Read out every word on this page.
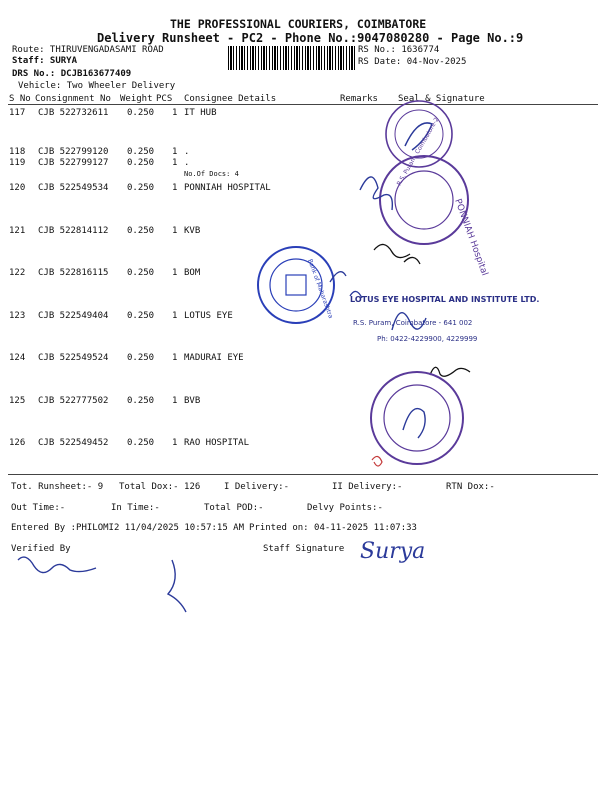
THE PROFESSIONAL COURIERS, COIMBATORE
Delivery Runsheet - PC2 - Phone No.:9047080280 - Page No.:9
Route: THIRUVENGADASAMI ROAD
Staff: SURYA
DRS No.: DCJB163677409
Vehicle: Two Wheeler Delivery
RS No.: 1636774
RS Date: 04-Nov-2025
S No Consignment No Weight PCS Consignee Details	Remarks Seal & Signature
117 CJB 522732611 0.250 1 IT HUB
118 CJB 522799120 0.250 1 .
119 CJB 522799127 0.250 1 .
No.Of Docs: 4
120 CJB 522549534 0.250 1 PONNIAH HOSPITAL
121 CJB 522814112 0.250 1 KVB
122 CJB 522816115 0.250 1 BOM
123 CJB 522549404 0.250 1 LOTUS EYE
124 CJB 522549524 0.250 1 MADURAI EYE
125 CJB 522777502 0.250 1 BVB
126 CJB 522549452 0.250 1 RAO HOSPITAL
Tot. Runsheet:- 9 Total Dox:- 126	I Delivery:-	II Delivery:-	RTN Dox:-
Out Time:-	In Time:-	Total POD:-	Delvy Points:-
Entered By :PHILOMI2 11/04/2025 10:57:15 AM Printed on: 04-11-2025 11:07:33
Verified By	Staff Signature
PONNIAH Hospital
R.S. Puram, Coimbatore-2
Bank of Maharashtra LOTUS EYE HOSPITAL AND INSTITUTE LTD.
R.S. Puram, Coimbatore - 641 002
Ph: 0422-4229900, 4229999
Surya
